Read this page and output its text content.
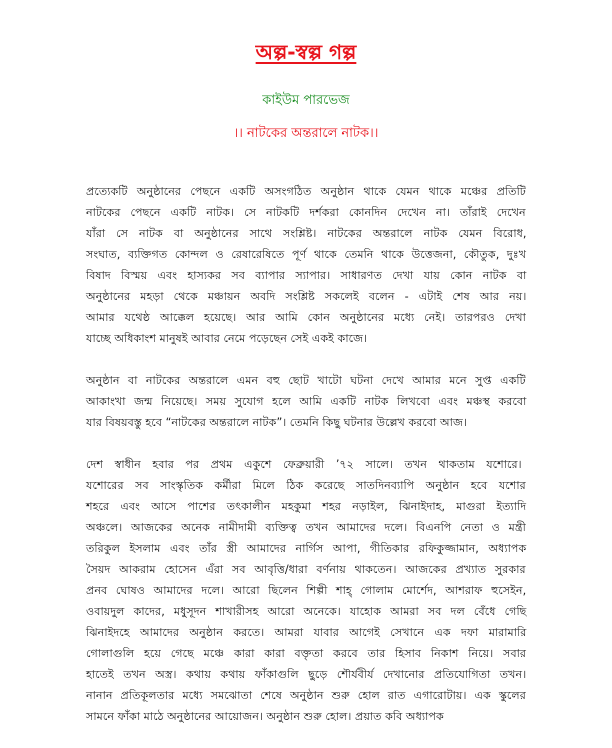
অল্প-স্বল্প গল্প
কাইউম পারভেজ
।। নাটকের অন্তরালে নাটক।।
প্রত্যেকটি অনুষ্ঠানের পেছনে একটি অসংগঠিত অনুষ্ঠান থাকে যেমন থাকে মঞ্চের প্রতিটি
নাটকের পেছনে একটি নাটক। সে নাটকটি দর্শকরা কোনদিন দেখেন না। তাঁরাই দেখেন
যাঁরা সে নাটক বা অনুষ্ঠানের সাথে সংশ্লিষ্ট। নাটকের অন্তরালে নাটক যেমন বিরোধ,
সংঘাত, ব্যক্তিগত কোন্দল ও রেষারেষিতে পূর্ণ থাকে তেমনি থাকে উত্তেজনা, কৌতুক, দুঃখ
বিষাদ বিস্ময় এবং হাস্যকর সব ব্যাপার স্যাপার। সাধারণত দেখা যায় কোন নাটক বা
অনুষ্ঠানের মহড়া থেকে মঞ্চায়ন অবদি সংশ্লিষ্ট সকলেই বলেন - এটাই শেষ আর নয়।
আমার যথেষ্ঠ আক্কেল হয়েছে। আর আমি কোন অনুষ্ঠানের মধ্যে নেই। তারপরও দেখা
যাচ্ছে অধিকাংশ মানুষই আবার নেমে পড়েছেন সেই একই কাজে।
অনুষ্ঠান বা নাটকের অন্তরালে এমন বহু ছোট খাটো ঘটনা দেখে আমার মনে সুপ্ত একটি
আকাংখা জন্ম নিয়েছে। সময় সুযোগ হলে আমি একটি নাটক লিখবো এবং মঞ্চস্থ করবো
যার বিষয়বস্তু হবে “নাটকের অন্তরালে নাটক”। তেমনি কিছু ঘটনার উল্লেখ করবো আজ।
দেশ স্বাধীন হবার পর প্রথম একুশে ফেব্রুয়ারী ’৭২ সালে। তখন থাকতাম যশোরে।
যশোরের সব সাংস্কৃতিক কর্মীরা মিলে ঠিক করেছে সাতদিনব্যাপি অনুষ্ঠান হবে যশোর
শহরে এবং আসে পাশের তৎকালীন মহকুমা শহর নড়াইল, ঝিনাইদাহ, মাগুরা ইত্যাদি
অঞ্চলে। আজকের অনেক নামীদামী ব্যক্তিত্ব তখন আমাদের দলে। বিএনপি নেতা ও মন্ত্রী
তরিকুল ইসলাম এবং তাঁর স্ত্রী আমাদের নার্গিস আপা, গীতিকার রফিকুজ্জামান, অধ্যাপক
সৈয়দ আকরাম হোসেন এঁরা সব আবৃত্তি/ধারা বর্ণনায় থাকতেন। আজকের প্রখ্যাত সুরকার
প্রনব ঘোষও আমাদের দলে। আরো ছিলেন শিল্পী শাহ্ গোলাম মোর্শেদ, আশরাফ হুসেইন,
ওবায়দুল কাদের, মধুসূদন শাখারীসহ আরো অনেকে। যাহোক আমরা সব দল বেঁধে গেছি
ঝিনাইদহে আমাদের অনুষ্ঠান করতে। আমরা যাবার আগেই সেখানে এক দফা মারামারি
গোলাগুলি হয়ে গেছে মঞ্চে কারা কারা বক্তৃতা করবে তার হিসাব নিকাশ নিয়ে। সবার
হাতেই তখন অস্ত্র। কথায় কথায় ফাঁকাগুলি ছুড়ে শৌর্যবীর্য দেখানোর প্রতিযোগিতা তখন।
নানান প্রতিকূলতার মধ্যে সমঝোতা শেষে অনুষ্ঠান শুরু হোল রাত এগারোটায়। এক স্কুলের
সামনে ফাঁকা মাঠে অনুষ্ঠানের আয়োজন। অনুষ্ঠান শুরু হোল। প্রয়াত কবি অধ্যাপক
